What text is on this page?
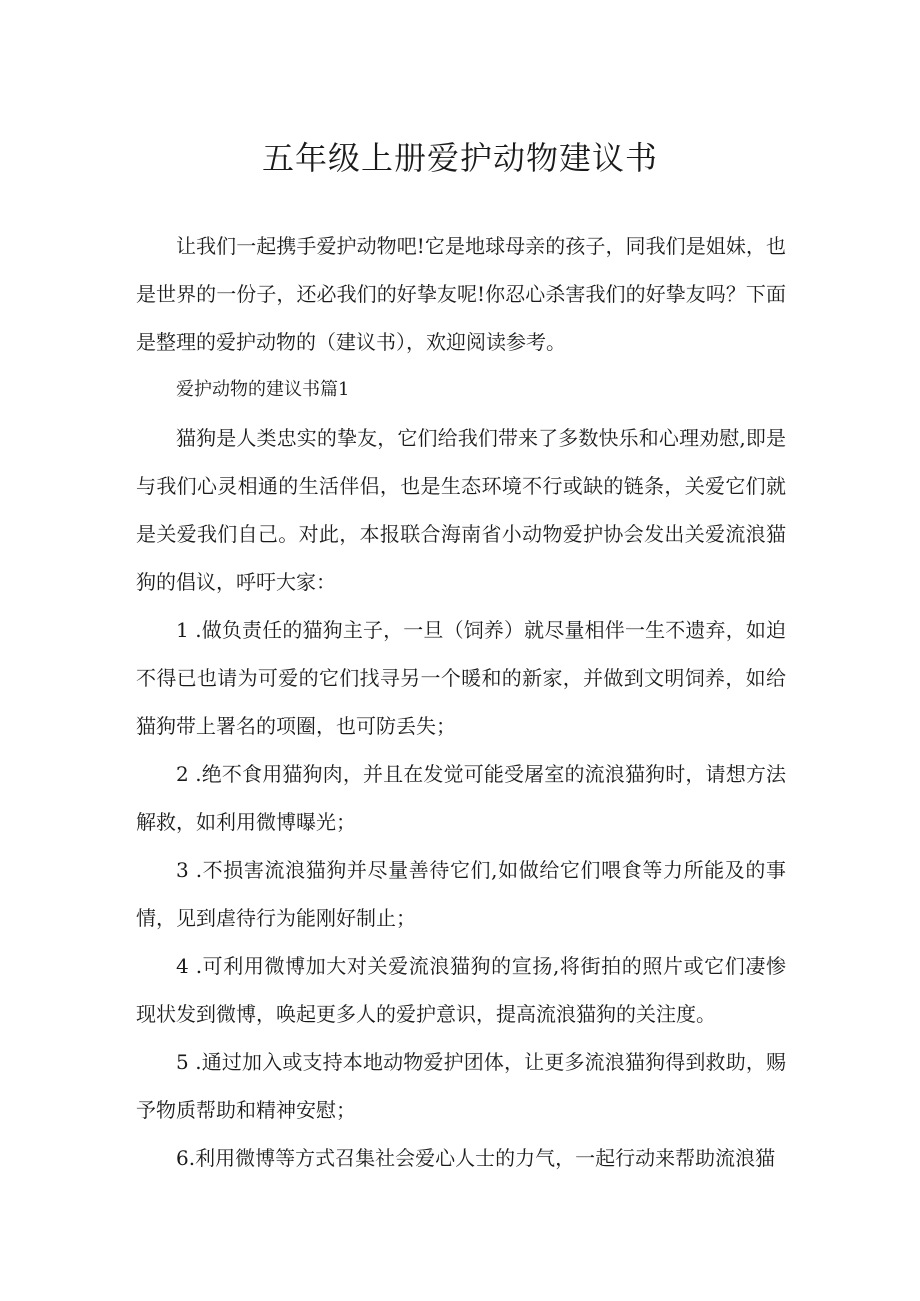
五年级上册爱护动物建议书

让我们一起携手爱护动物吧!它是地球母亲的孩子，同我们是姐妹，也是世界的一份子，还必我们的好挚友呢!你忍心杀害我们的好挚友吗？下面是整理的爱护动物的（建议书），欢迎阅读参考。

爱护动物的建议书篇1

猫狗是人类忠实的挚友，它们给我们带来了多数快乐和心理劝慰,即是与我们心灵相通的生活伴侣，也是生态环境不行或缺的链条，关爱它们就是关爱我们自己。对此，本报联合海南省小动物爱护协会发出关爱流浪猫狗的倡议，呼吁大家：

1 .做负责任的猫狗主子，一旦（饲养）就尽量相伴一生不遗弃，如迫不得已也请为可爱的它们找寻另一个暖和的新家，并做到文明饲养，如给猫狗带上署名的项圈，也可防丢失；

2 .绝不食用猫狗肉，并且在发觉可能受屠室的流浪猫狗时，请想方法解救，如利用微博曝光；

3 .不损害流浪猫狗并尽量善待它们,如做给它们喂食等力所能及的事情，见到虐待行为能刚好制止；

4 .可利用微博加大对关爱流浪猫狗的宣扬,将街拍的照片或它们凄惨现状发到微博，唤起更多人的爱护意识，提高流浪猫狗的关注度。

5 .通过加入或支持本地动物爱护团体，让更多流浪猫狗得到救助，赐予物质帮助和精神安慰；

6.利用微博等方式召集社会爱心人士的力气，一起行动来帮助流浪猫
